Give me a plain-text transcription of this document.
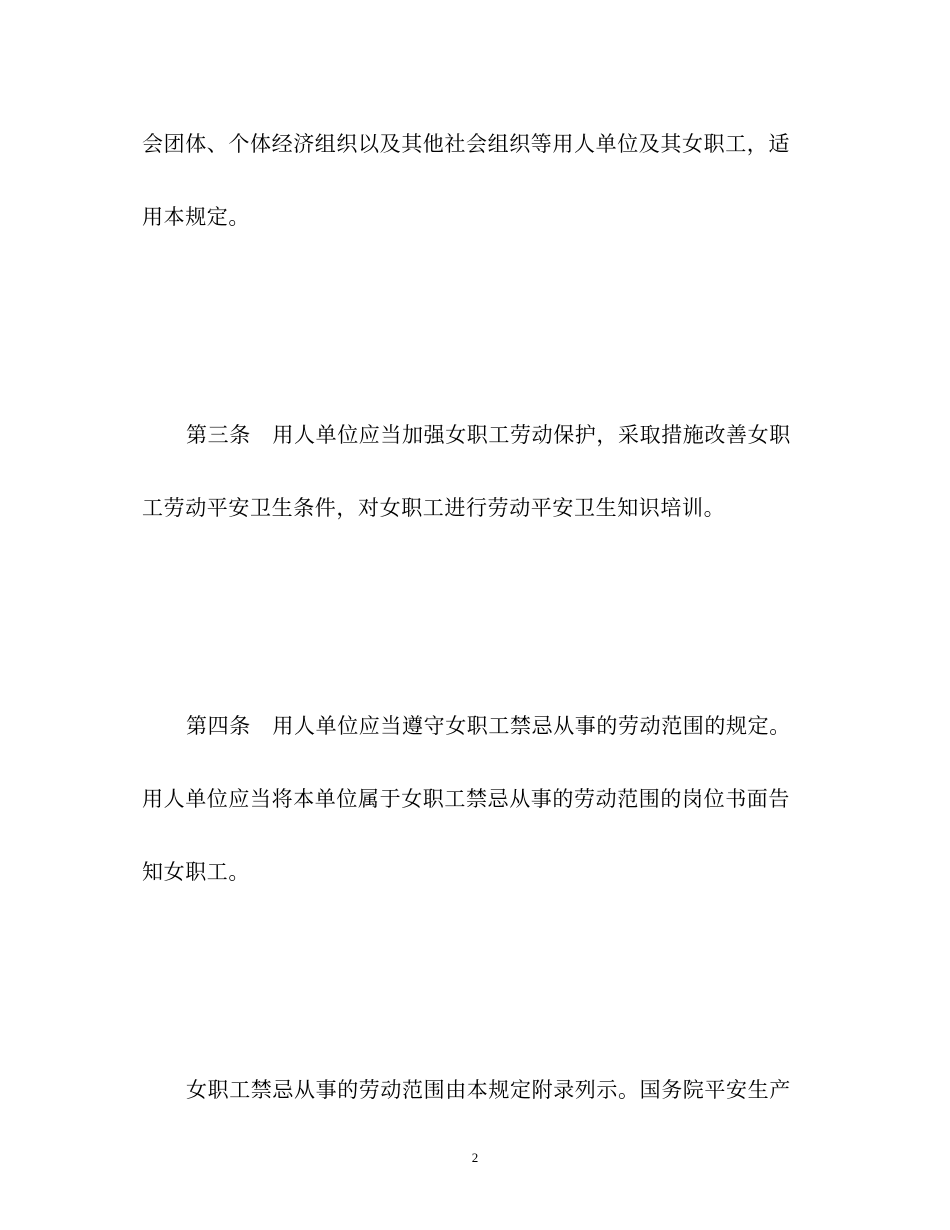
会团体、个体经济组织以及其他社会组织等用人单位及其女职工，适
用本规定。
第三条　用人单位应当加强女职工劳动保护，采取措施改善女职
工劳动平安卫生条件，对女职工进行劳动平安卫生知识培训。
第四条　用人单位应当遵守女职工禁忌从事的劳动范围的规定。
用人单位应当将本单位属于女职工禁忌从事的劳动范围的岗位书面告
知女职工。
女职工禁忌从事的劳动范围由本规定附录列示。国务院平安生产
2
